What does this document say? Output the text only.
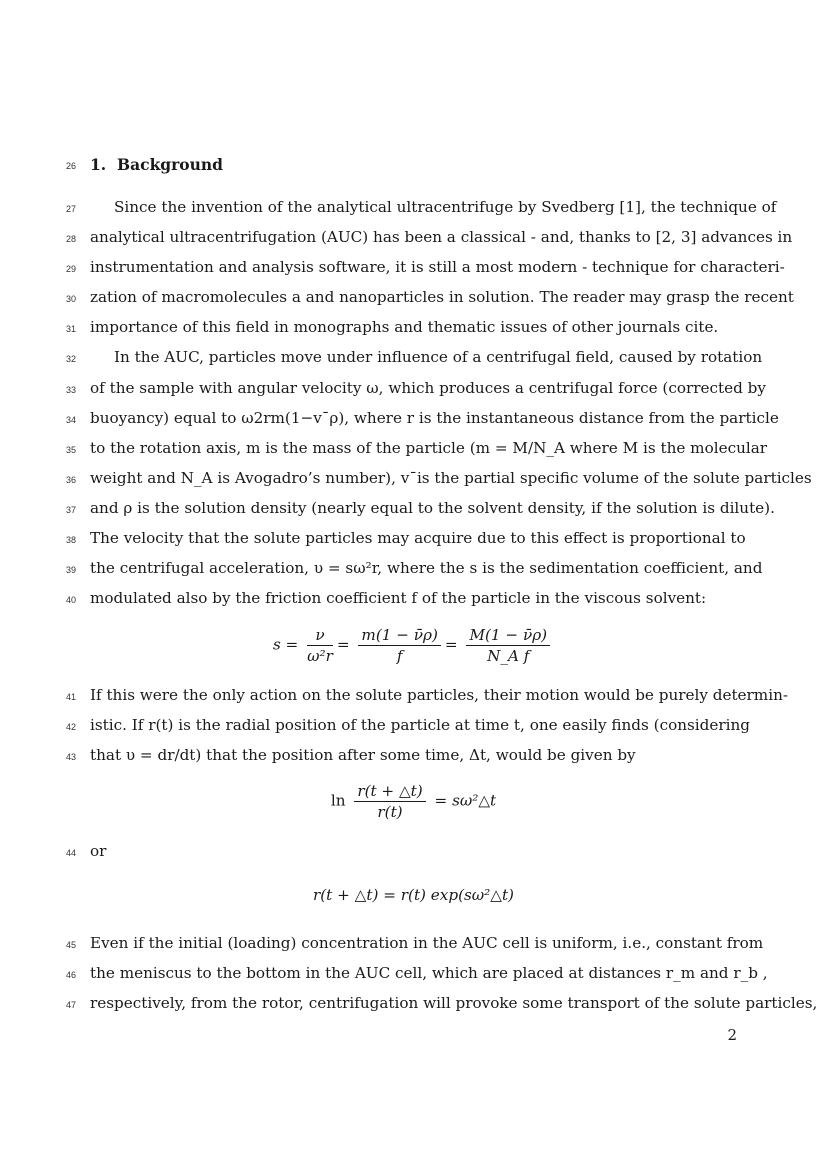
26
27
28
29
30
31
32
33
34
35
36
37
38
39
40
41
42
43
44
45
46
47
1. Background
Since the invention of the analytical ultracentrifuge by Svedberg [1], the technique of
analytical ultracentrifugation (AUC) has been a classical - and, thanks to [2, 3] advances in
instrumentation and analysis software, it is still a most modern - technique for characteri-
zation of macromolecules a and nanoparticles in solution. The reader may grasp the recent
importance of this field in monographs and thematic issues of other journals cite.
In the AUC, particles move under influence of a centrifugal field, caused by rotation
of the sample with angular velocity ω, which produces a centrifugal force (corrected by
buoyancy) equal to ω2rm(1−v¯ρ), where r is the instantaneous distance from the particle
to the rotation axis, m is the mass of the particle (m = M/N_A where M is the molecular
weight and N_A is Avogadro’s number), v¯is the partial specific volume of the solute particles
and ρ is the solution density (nearly equal to the solvent density, if the solution is dilute).
The velocity that the solute particles may acquire due to this effect is proportional to
the centrifugal acceleration, υ = sω²r, where the s is the sedimentation coefficient, and
modulated also by the friction coefficient f of the particle in the viscous solvent:
$s = \frac{\nu}{\text{ω²r}} = \frac{m(1 - \nū\rho)}{f} = \frac{M(1 - \nū\rho)}{\text{N\_A f}}$
If this were the only action on the solute particles, their motion would be purely determin-
istic. If r(t) is the radial position of the particle at time t, one easily finds (considering
that υ = dr/dt) that the position after some time, Δt, would be given by
$\ln \frac{r(t + \triangle t)}{r(t)}$ = sω²△t
or
r(t + △t) = r(t) exp(sω²△t)
Even if the initial (loading) concentration in the AUC cell is uniform, i.e., constant from
the meniscus to the bottom in the AUC cell, which are placed at distances r_m and r_b ,
respectively, from the rotor, centrifugation will provoke some transport of the solute particles,
2
